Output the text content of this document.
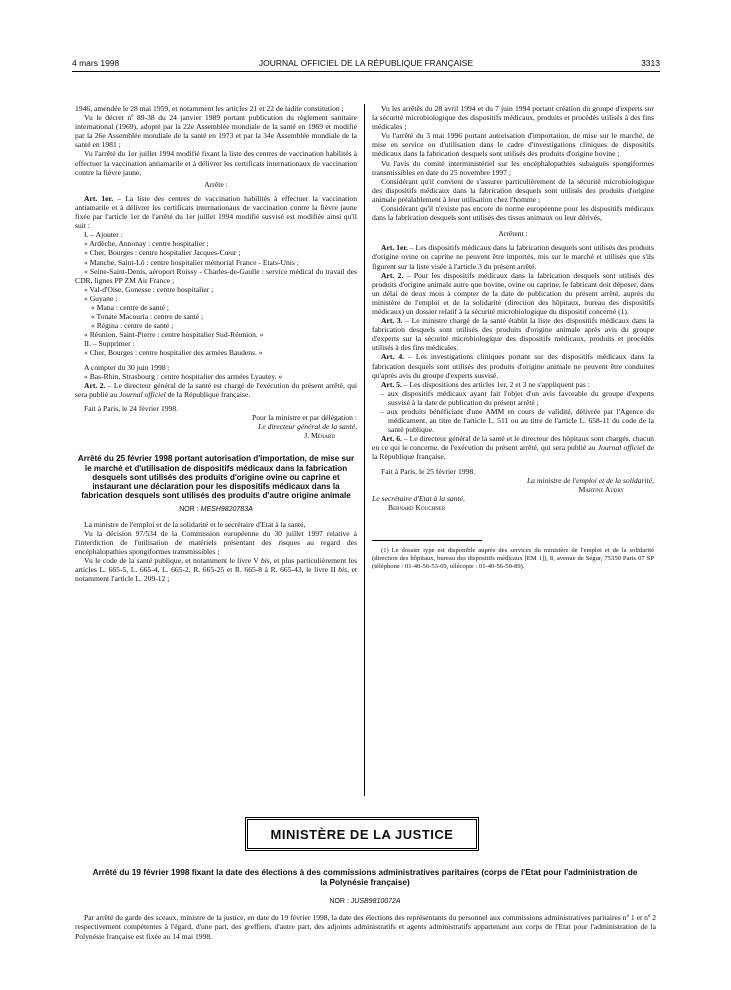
4 mars 1998	JOURNAL OFFICIEL DE LA RÉPUBLIQUE FRANÇAISE	3313

1946, amendée le 28 mai 1959, et notamment les articles 21 et 22 de ladite constitution ;

Vu le décret nº 89-38 du 24 janvier 1989 portant publication du règlement sanitaire international (1969), adopté par la 22e Assemblée mondiale de la santé en 1969 et modifié par la 26e Assemblée mondiale de la santé en 1973 et par la 34e Assemblée mondiale de la santé en 1981 ;

Vu l'arrêté du 1er juillet 1994 modifié fixant la liste des centres de vaccination habilités à effectuer la vaccination antiamarile et à délivrer les certificats internationaux de vaccination contre la fièvre jaune,

Arrête :

Art. 1er. – La liste des centres de vaccination habilités à effectuer la vaccination antiamarile et à délivrer les certificats internationaux de vaccination contre la fièvre jaune fixée par l'article 1er de l'arrêté du 1er juillet 1994 modifié susvisé est modifiée ainsi qu'il suit :

I. – Ajouter :

« Ardèche, Annonay : centre hospitalier ;

« Cher, Bourges : centre hospitalier Jacques-Cœur ;

« Manche, Saint-Lô : centre hospitalier mémorial France - Etats-Unis ;

« Seine-Saint-Denis, aéroport Roissy - Charles-de-Gaulle : service médical du travail des CDR, lignes PP ZM Air France ;

« Val-d'Oise, Gonesse : centre hospitalier ;

« Guyane :

« Mana : centre de santé ;

« Tonate Macouria : centre de santé ;

« Régina : centre de santé ;

« Réunion, Saint-Pierre : centre hospitalier Sud-Réunion. »

II. – Supprimer :

« Cher, Bourges : centre hospitalier des armées Baudens. »

A compter du 30 juin 1998 :

« Bas-Rhin, Strasbourg : centre hospitalier des armées Lyautey. »

Art. 2. – Le directeur général de la santé est chargé de l'exécution du présent arrêté, qui sera publié au Journal officiel de la République française.

Fait à Paris, le 24 février 1998.

Pour la ministre et par délégation :

Le directeur général de la santé,

J. Ménard

Arrêté du 25 février 1998 portant autorisation d'importation, de mise sur le marché et d'utilisation de dispositifs médicaux dans la fabrication desquels sont utilisés des produits d'origine ovine ou caprine et instaurant une déclaration pour les dispositifs médicaux dans la fabrication desquels sont utilisés des produits d'autre origine animale
NOR : MESH9820783A

La ministre de l'emploi et de la solidarité et le secrétaire d'Etat à la santé,

Vu la décision 97/534 de la Commission européenne du 30 juillet 1997 relative à l'interdiction de l'utilisation de matériels présentant des risques au regard des encéphalopathies spongiformes transmissibles ;

Vu le code de la santé publique, et notamment le livre V bis, et plus particulièrement les articles L. 665-5, L. 665-4, L. 665-2, R. 665-25 et R. 665-8 à R. 665-43, le livre II bis, et notamment l'article L. 209-12 ;

Vu les arrêtés du 28 avril 1994 et du 7 juin 1994 portant création du groupe d'experts sur la sécurité microbiologique des dispositifs médicaux, produits et procédés utilisés à des fins médicales ;

Vu l'arrêté du 3 mai 1996 portant autorisation d'importation, de mise sur le marché, de mise en service ou d'utilisation dans le cadre d'investigations cliniques de dispositifs médicaux dans la fabrication desquels sont utilisés des produits d'origine bovine ;

Vu l'avis du comité interministériel sur les encéphalopathies subaiguës spongiformes transmissibles en date du 25 novembre 1997 ;

Considérant qu'il convient de s'assurer particulièrement de la sécurité microbiologique des dispositifs médicaux dans la fabrication desquels sont utilisés des produits d'origine animale préalablement à leur utilisation chez l'homme ;

Considérant qu'il n'existe pas encore de norme européenne pour les dispositifs médicaux dans la fabrication desquels sont utilisés des tissus animaux ou leur dérivés,

Arrêtent :

Art. 1er. – Les dispositifs médicaux dans la fabrication desquels sont utilisés des produits d'origine ovine ou caprine ne peuvent être importés, mis sur le marché et utilisés que s'ils figurent sur la liste visée à l'article 3 du présent arrêté.

Art. 2. – Pour les dispositifs médicaux dans la fabrication desquels sont utilisés des produits d'origine animale autre que bovine, ovine ou caprine, le fabricant doit déposer, dans un délai de deux mois à compter de la date de publication du présent arrêté, auprès du ministère de l'emploi et de la solidarité (direction des hôpitaux, bureau des dispositifs médicaux) un dossier relatif à la sécurité microbiologique du dispositif concerné (1).

Art. 3. – Le ministre chargé de la santé établit la liste des dispositifs médicaux dans la fabrication desquels sont utilisés des produits d'origine animale après avis du groupe d'experts sur la sécurité microbiologique des dispositifs médicaux, produits et procédés utilisés à des fins médicales.

Art. 4. – Les investigations cliniques portant sur des dispositifs médicaux dans la fabrication desquels sont utilisés des produits d'origine animale ne peuvent être conduites qu'après avis du groupe d'experts susvisé.

Art. 5. – Les dispositions des articles 1er, 2 et 3 ne s'appliquent pas :

– aux dispositifs médicaux ayant fait l'objet d'un avis favorable du groupe d'experts susvisé à la date de publication du présent arrêté ;

– aux produits bénéficiant d'une AMM en cours de validité, délivrée par l'Agence du médicament, au titre de l'article L. 511 ou au titre de l'article L. 658-11 du code de la santé publique.

Art. 6. – Le directeur général de la santé et le directeur des hôpitaux sont chargés, chacun en ce qui le concerne, de l'exécution du présent arrêté, qui sera publié au Journal officiel de la République française.

Fait à Paris, le 25 février 1998.

La ministre de l'emploi et de la solidarité,

Martine Aubry

Le secrétaire d'Etat à la santé,

Bernard Kouchner

(1) Le dossier type est disponible auprès des services du ministère de l'emploi et de la solidarité (direction des hôpitaux, bureau des dispositifs médicaux [EM 1]), 8, avenue de Ségur, 75350 Paris 07 SP (téléphone : 01-40-56-53-69, télécopie : 01-40-56-50-89).

MINISTÈRE DE LA JUSTICE
Arrêté du 19 février 1998 fixant la date des élections à des commissions administratives paritaires (corps de l'Etat pour l'administration de la Polynésie française)
NOR : JUSB9810072A
Par arrêté du garde des sceaux, ministre de la justice, en date du 19 février 1998, la date des élections des représentants du personnel aux commissions administratives paritaires nº 1 et nº 2 respectivement compétentes à l'égard, d'une part, des greffiers, d'autre part, des adjoints administratifs et agents administratifs appartenant aux corps de l'Etat pour l'administration de la Polynésie française est fixée au 14 mai 1998.
